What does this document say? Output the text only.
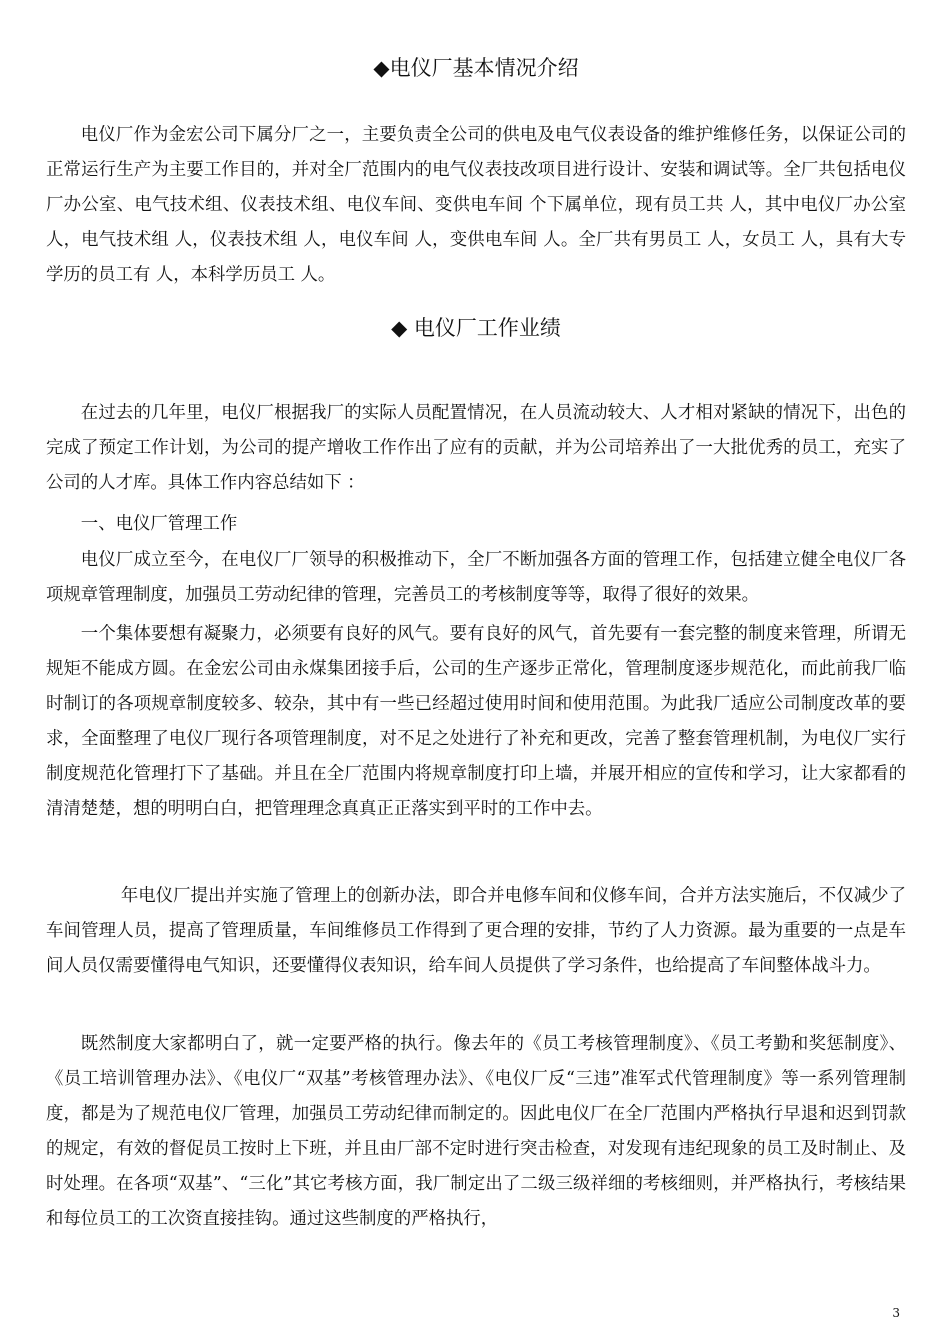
◆电仪厂基本情况介绍

电仪厂作为金宏公司下属分厂之一，主要负责全公司的供电及电气仪表设备的维护维修任务，以保证公司的正常运行生产为主要工作目的，并对全厂范围内的电气仪表技改项目进行设计、安装和调试等。全厂共包括电仪厂办公室、电气技术组、仪表技术组、电仪车间、变供电车间 个下属单位，现有员工共 人，其中电仪厂办公室 人，电气技术组 人，仪表技术组 人，电仪车间 人，变供电车间 人。全厂共有男员工 人，女员工 人，具有大专学历的员工有 人，本科学历员工 人。

◆ 电仪厂工作业绩

在过去的几年里，电仪厂根据我厂的实际人员配置情况，在人员流动较大、人才相对紧缺的情况下，出色的完成了预定工作计划，为公司的提产增收工作作出了应有的贡献，并为公司培养出了一大批优秀的员工，充实了公司的人才库。具体工作内容总结如下 ：

一、电仪厂管理工作

电仪厂成立至今，在电仪厂厂领导的积极推动下，全厂不断加强各方面的管理工作，包括建立健全电仪厂各项规章管理制度，加强员工劳动纪律的管理，完善员工的考核制度等等，取得了很好的效果。

一个集体要想有凝聚力，必须要有良好的风气。要有良好的风气，首先要有一套完整的制度来管理，所谓无规矩不能成方圆。在金宏公司由永煤集团接手后，公司的生产逐步正常化，管理制度逐步规范化，而此前我厂临时制订的各项规章制度较多、较杂，其中有一些已经超过使用时间和使用范围。为此我厂适应公司制度改革的要求，全面整理了电仪厂现行各项管理制度，对不足之处进行了补充和更改，完善了整套管理机制，为电仪厂实行制度规范化管理打下了基础。并且在全厂范围内将规章制度打印上墙，并展开相应的宣传和学习，让大家都看的清清楚楚，想的明明白白，把管理理念真真正正落实到平时的工作中去。

年电仪厂提出并实施了管理上的创新办法，即合并电修车间和仪修车间，合并方法实施后，不仅减少了车间管理人员，提高了管理质量，车间维修员工作得到了更合理的安排，节约了人力资源。最为重要的一点是车间人员仅需要懂得电气知识，还要懂得仪表知识，给车间人员提供了学习条件，也给提高了车间整体战斗力。

既然制度大家都明白了，就一定要严格的执行。像去年的《员工考核管理制度》、《员工考勤和奖惩制度》、《员工培训管理办法》、《电仪厂“双基”考核管理办法》、《电仪厂反“三违”准军式代管理制度》等一系列管理制度，都是为了规范电仪厂管理，加强员工劳动纪律而制定的。因此电仪厂在全厂范围内严格执行早退和迟到罚款的规定，有效的督促员工按时上下班，并且由厂部不定时进行突击检查，对发现有违纪现象的员工及时制止、及时处理。在各项“双基”、“三化”其它考核方面，我厂制定出了二级三级祥细的考核细则，并严格执行，考核结果和每位员工的工次资直接挂钩。通过这些制度的严格执行，

3
